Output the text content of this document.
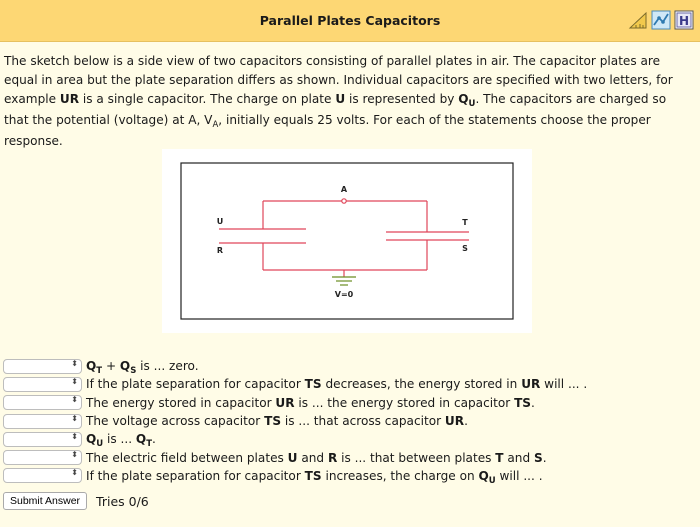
Parallel Plates Capacitors	H
The sketch below is a side view of two capacitors consisting of parallel plates in air. The capacitor plates are equal in area but the plate separation differs as shown. Individual capacitors are specified with two letters, for example UR is a single capacitor. The charge on plate U is represented by $Q_U$. The capacitors are charged so that the potential (voltage) at A, $V_A$, initially equals 25 volts. For each of the statements choose the proper response.
A
U
R
T
S
V=0
⬍ $Q_T + Q_S$ is ... zero.
⬍ If the plate separation for capacitor TS decreases, the energy stored in UR will ... .
⬍ The energy stored in capacitor UR is ... the energy stored in capacitor TS.
⬍ The voltage across capacitor TS is ... that across capacitor UR.
⬍ $Q_U$ is ... $Q_T$.
⬍ The electric field between plates U and R is ... that between plates T and S.
⬍ If the plate separation for capacitor TS increases, the charge on $Q_U$ will ... .
Submit Answer	Tries 0/6
